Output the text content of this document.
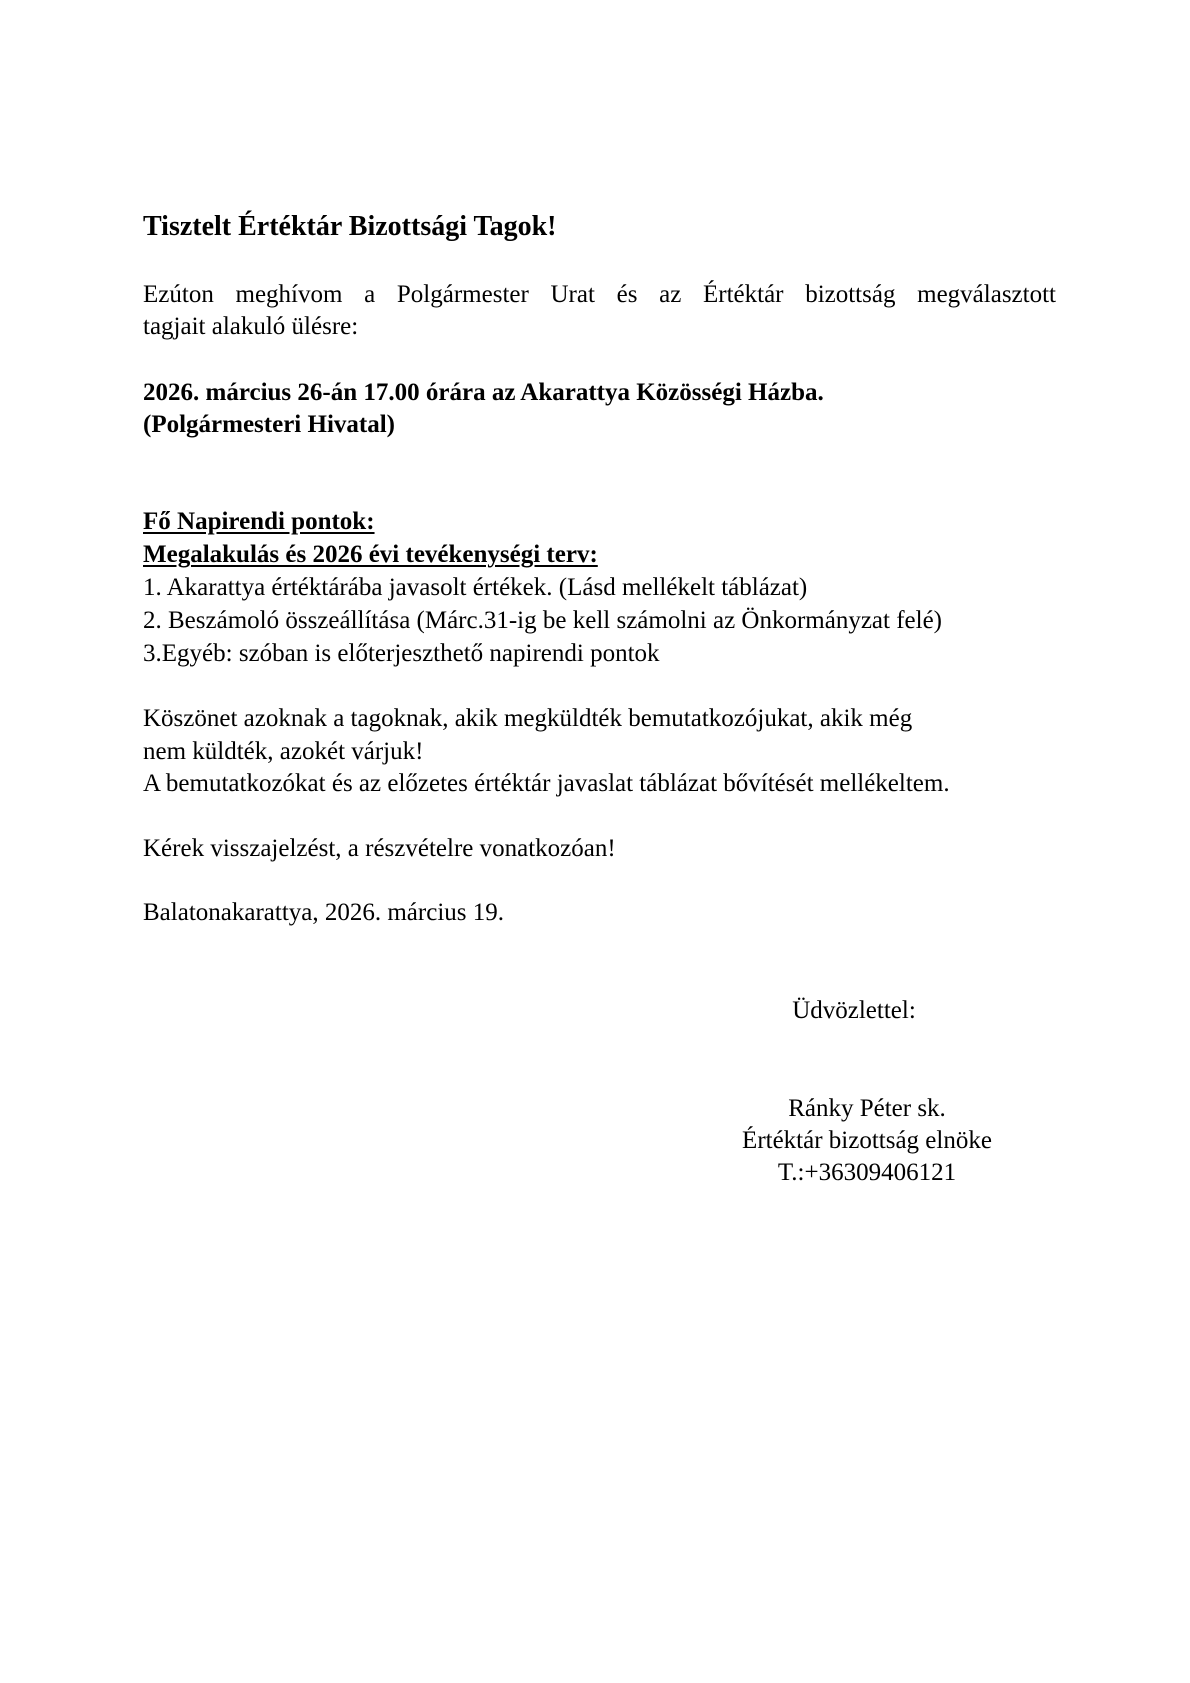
Tisztelt Értéktár Bizottsági Tagok!
Ezúton meghívom a Polgármester Urat és az Értéktár bizottság megválasztott
tagjait alakuló ülésre:
2026. március 26-án 17.00 órára az Akarattya Közösségi Házba.
(Polgármesteri Hivatal)
Fő Napirendi pontok:
Megalakulás és 2026 évi tevékenységi terv:
1. Akarattya értéktárába javasolt értékek. (Lásd mellékelt táblázat)
2. Beszámoló összeállítása (Márc.31-ig be kell számolni az Önkormányzat felé)
3.Egyéb: szóban is előterjeszthető napirendi pontok
Köszönet azoknak a tagoknak, akik megküldték bemutatkozójukat, akik még
nem küldték, azokét várjuk!
A bemutatkozókat és az előzetes értéktár javaslat táblázat bővítését mellékeltem.
Kérek visszajelzést, a részvételre vonatkozóan!
Balatonakarattya, 2026. március 19.
Üdvözlettel:
Ránky Péter sk.
Értéktár bizottság elnöke
T.:+36309406121
